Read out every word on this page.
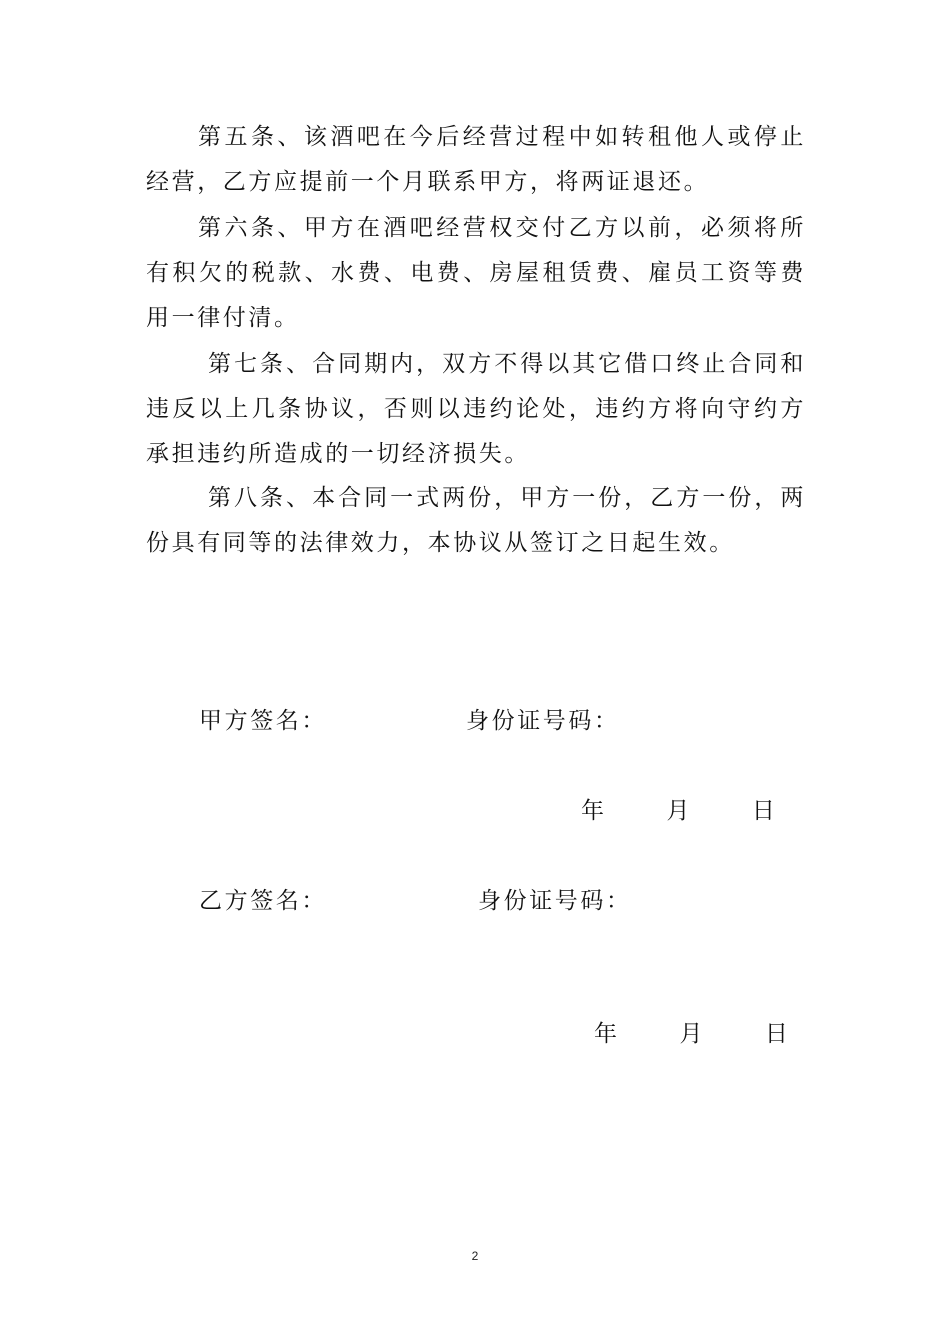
第五条、该酒吧在今后经营过程中如转租他人或停止经营，乙方应提前一个月联系甲方，将两证退还。

第六条、甲方在酒吧经营权交付乙方以前，必须将所有积欠的税款、水费、电费、房屋租赁费、雇员工资等费用一律付清。

第七条、合同期内，双方不得以其它借口终止合同和违反以上几条协议，否则以违约论处，违约方将向守约方承担违约所造成的一切经济损失。

第八条、本合同一式两份，甲方一份，乙方一份，两份具有同等的法律效力，本协议从签订之日起生效。

甲方签名：	身份证号码：
年	月	日
乙方签名：	身份证号码：
年	月	日
2
